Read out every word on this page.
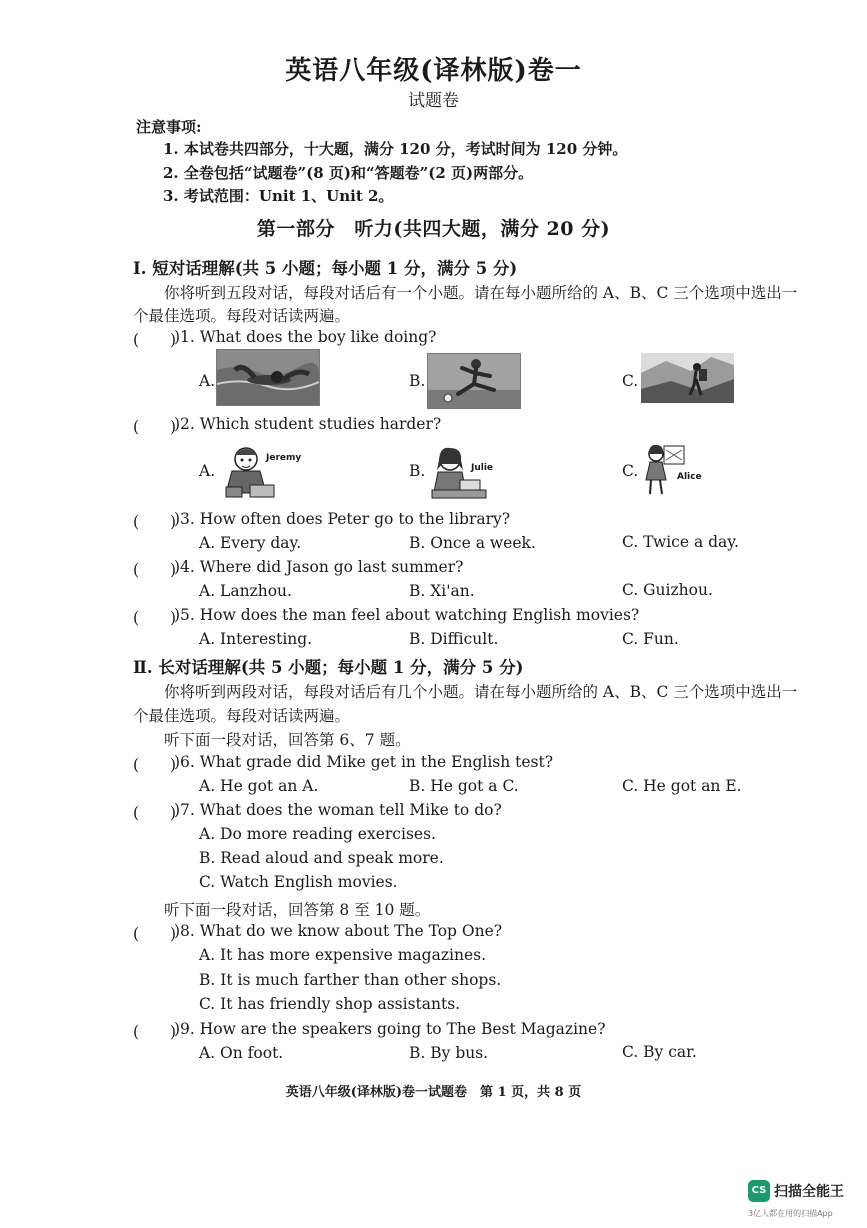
英语八年级(译林版)卷一
试题卷
注意事项:
1. 本试卷共四部分，十大题，满分 120 分，考试时间为 120 分钟。
2. 全卷包括“试题卷”(8 页)和“答题卷”(2 页)两部分。
3. 考试范围：Unit 1、Unit 2。
第一部分　听力(共四大题，满分 20 分)
Ⅰ. 短对话理解(共 5 小题；每小题 1 分，满分 5 分)
你将听到五段对话，每段对话后有一个小题。请在每小题所给的 A、B、C 三个选项中选出一
个最佳选项。每段对话读两遍。
(　　)
)1. What does the boy like doing?
A.	B.	C.
(　　)
)2. Which student studies harder?
A.
Jeremy
B.	Julie	C.	Alice
(　　)
)3. How often does Peter go to the library?
A. Every day.	B. Once a week.	C. Twice a day.
(　　)
)4. Where did Jason go last summer?
A. Lanzhou.	B. Xi'an.	C. Guizhou.
(　　)
)5. How does the man feel about watching English movies?
A. Interesting.	B. Difficult.	C. Fun.
Ⅱ. 长对话理解(共 5 小题；每小题 1 分，满分 5 分)
你将听到两段对话，每段对话后有几个小题。请在每小题所给的 A、B、C 三个选项中选出一
个最佳选项。每段对话读两遍。
听下面一段对话，回答第 6、7 题。
(　　)
)6. What grade did Mike get in the English test?
A. He got an A.	B. He got a C.	C. He got an E.
(　　)
)7. What does the woman tell Mike to do?
A. Do more reading exercises.
B. Read aloud and speak more.
C. Watch English movies.
听下面一段对话，回答第 8 至 10 题。
(　　)
)8. What do we know about The Top One?
A. It has more expensive magazines.
B. It is much farther than other shops.
C. It has friendly shop assistants.
(　　)
)9. How are the speakers going to The Best Magazine?
A. On foot.	B. By bus.	C. By car.
英语八年级(译林版)卷一试题卷　第 1 页，共 8 页
CS 扫描全能王
3亿人都在用的扫描App
